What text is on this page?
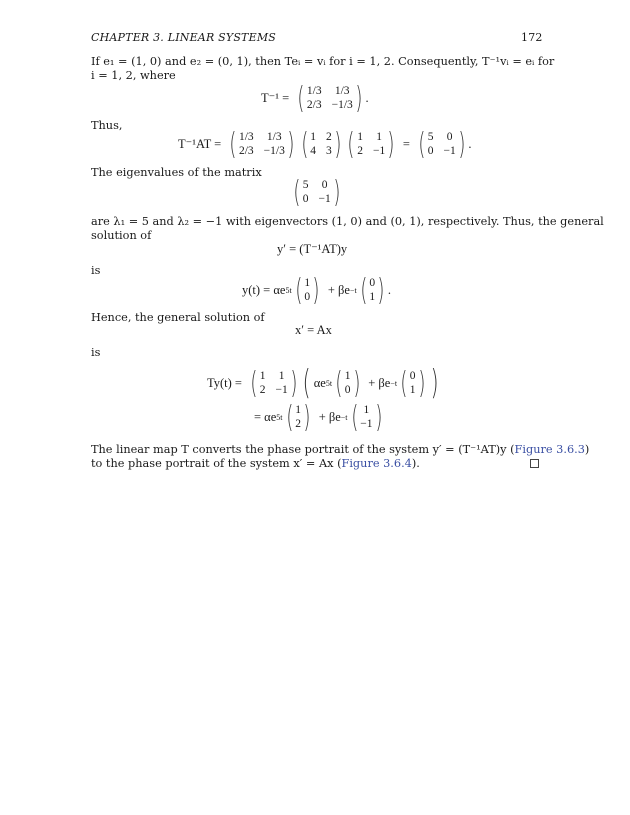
CHAPTER 3. LINEAR SYSTEMS	172
If e₁ = (1, 0) and e₂ = (0, 1), then Teᵢ = vᵢ for i = 1, 2. Consequently, T⁻¹vᵢ = eᵢ for
i = 1, 2, where
T⁻¹ = ( 1/3 1/3
2/3 −1/3 ) .
Thus,
T⁻¹AT = ( 1/3 1/3
2/3 −1/3 ) ( 1 2
4 3 ) ( 1 1
2 −1 ) = ( 5 0
0 −1 ) .
The eigenvalues of the matrix
( 5 0
0 −1 )
are λ₁ = 5 and λ₂ = −1 with eigenvectors (1, 0) and (0, 1), respectively. Thus, the general
solution of
y′ = (T⁻¹AT)y
is
y(t) = αe 5t ( 1
0 ) + βe −t ( 0
1 ) .
Hence, the general solution of
x′ = Ax
is
Ty(t) = ( 1 1
2 −1 ) ( αe 5t ( 1
0 ) + βe −t ( 0
1 ) )
= αe 5t ( 1
2 ) + βe −t ( 1
−1 )
The linear map T converts the phase portrait of the system y′ = (T⁻¹AT)y (Figure 3.6.3)
to the phase portrait of the system x′ = Ax (Figure 3.6.4).
